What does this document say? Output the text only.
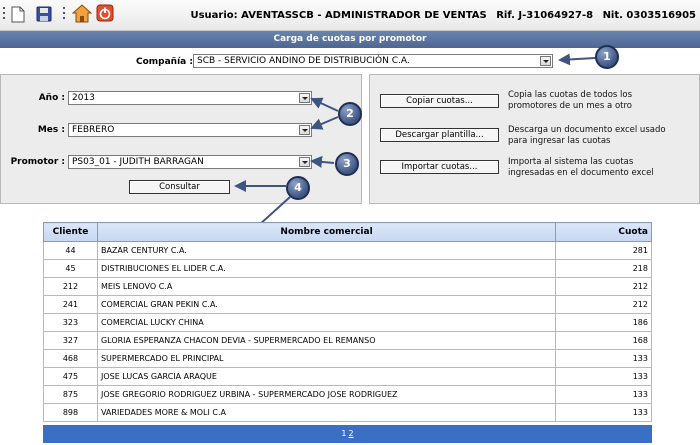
Usuario: AVENTASSCB - ADMINISTRADOR DE VENTAS Rif. J-31064927-8 Nit. 0303516905
Carga de cuotas por promotor
Compañía : SCB - SERVICIO ANDINO DE DISTRIBUCIÓN C.A.
Año : 2013
Mes : FEBRERO
Promotor : PS03_01 - JUDITH BARRAGAN
Consultar
Copiar cuotas...
Copia las cuotas de todos los
promotores de un mes a otro
Descargar plantilla...	Descarga un documento excel usado
para ingresar las cuotas
Importar cuotas...	Importa al sistema las cuotas
ingresadas en el documento excel
1
2
3
4
Cliente	Nombre comercial	Cuota
44	BAZAR CENTURY C.A.	281
45	DISTRIBUCIONES EL LIDER C.A.	218
212	MEIS LENOVO C.A	212
241	COMERCIAL GRAN PEKIN C.A.	212
323	COMERCIAL LUCKY CHINA	186
327	GLORIA ESPERANZA CHACON DEVIA - SUPERMERCADO EL REMANSO	168
468	SUPERMERCADO EL PRINCIPAL	133
475	JOSE LUCAS GARCIA ARAQUE	133
875	JOSE GREGORIO RODRIGUEZ URBINA - SUPERMERCADO JOSE RODRIGUEZ	133
898	VARIEDADES MORE & MOLI C.A	133
1 2
